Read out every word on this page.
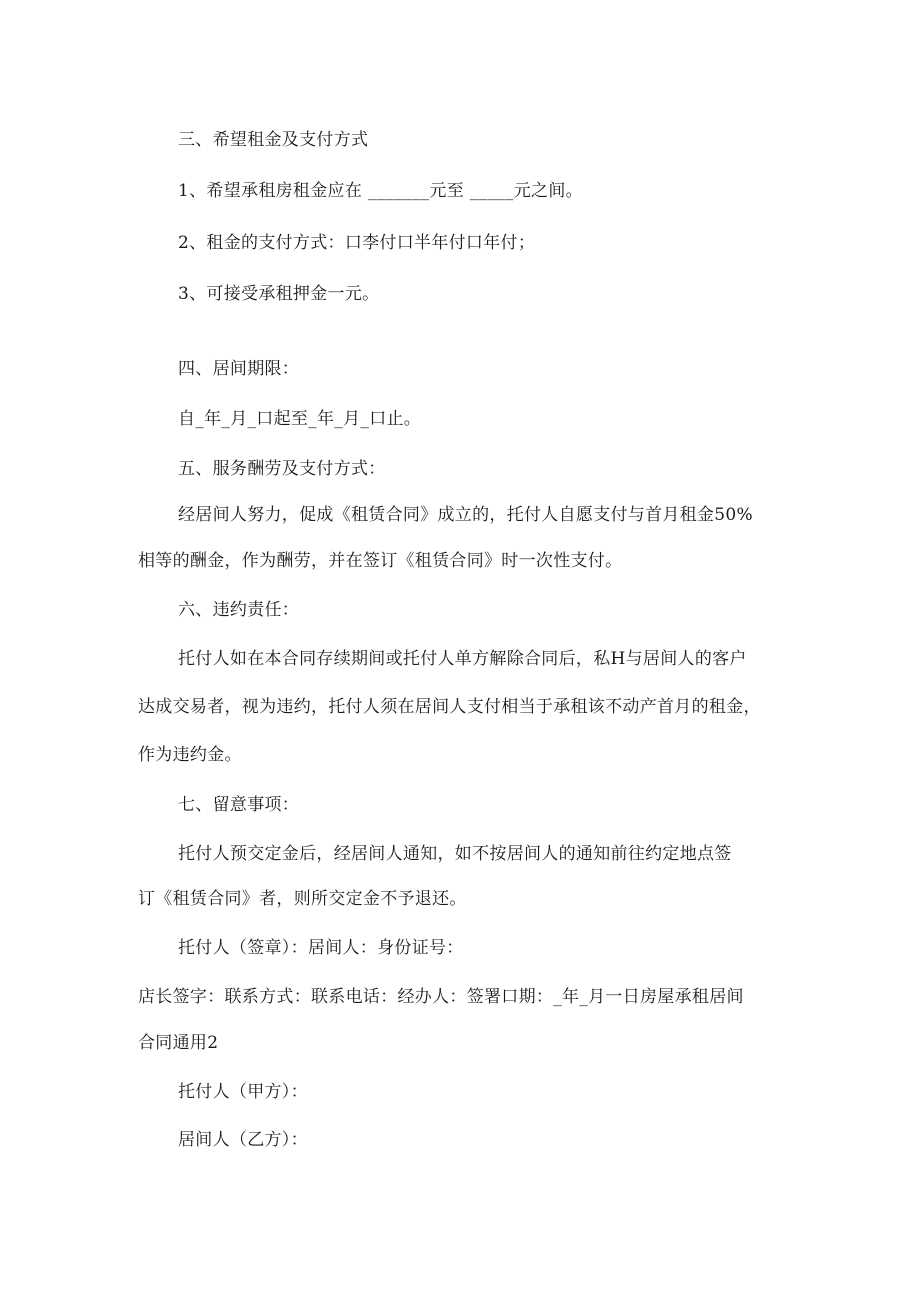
三、希望租金及支付方式
1、希望承租房租金应在 _______元至 _____元之间。
2、租金的支付方式：口李付口半年付口年付；
3、可接受承租押金一元。
四、居间期限：
自_年_月_口起至_年_月_口止。
五、服务酬劳及支付方式：
经居间人努力，促成《租赁合同》成立的，托付人自愿支付与首月租金50%
相等的酬金，作为酬劳，并在签订《租赁合同》时一次性支付。
六、违约责任：
托付人如在本合同存续期间或托付人单方解除合同后，私H与居间人的客户
达成交易者，视为违约，托付人须在居间人支付相当于承租该不动产首月的租金，
作为违约金。
七、留意事项：
托付人预交定金后，经居间人通知，如不按居间人的通知前往约定地点签
订《租赁合同》者，则所交定金不予退还。
托付人（签章）：居间人：身份证号：
店长签字：联系方式：联系电话：经办人：签署口期：_年_月一日房屋承租居间
合同通用2
托付人（甲方）：
居间人（乙方）：
